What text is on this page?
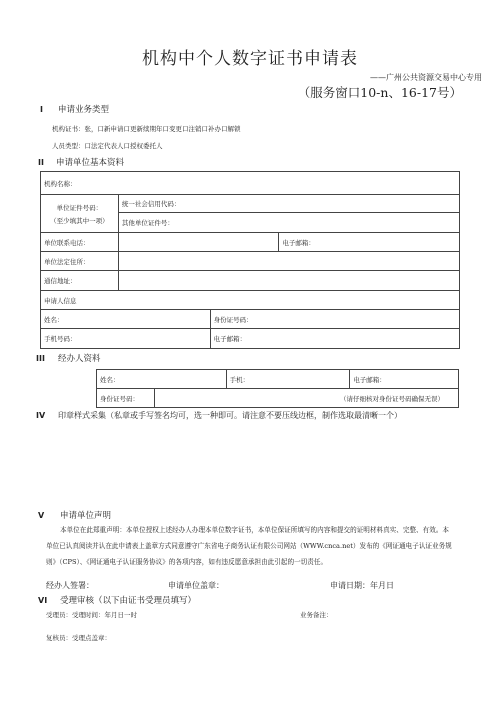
机构中个人数字证书申请表
——广州公共资源交易中心专用
（服务窗口10-n、16-17号）
I 申请业务类型
机构证书：张，口新申请口更新续期年口变更口注销口补办口解锁
人员类型：口法定代表人口授权委托人
II 申请单位基本资料
机构名称：			

单位证件号码：
（至少填其中一项）	统一社会信用代码：		
	其他单位证件号：		
单位联系电话：			电子邮箱：
单位法定住所：			
通信地址：			
申请人信息			
姓名：		身份证号码：	
手机号码：		电子邮箱：	
III 经办人资料
姓名：		手机：	电子邮箱：
身份证号码：	（请仔细核对身份证号码确保无误）		
IV 印章样式采集（私章或手写签名均可，选一种即可。请注意不要压线边框，制作选取最清晰一个）
V 申请单位声明
本单位在此郑重声明：本单位授权上述经办人办理本单位数字证书，本单位保证所填写的内容和提交的证明材料真实、完整、有效。本单位已认真阅读并认在此申请表上盖章方式同意遵守广东省电子商务认证有限公司网站（WWW.cnca.net）发布的《网证通电子认证业务规则》（CPS）、《网证通电子认证服务协议》的各项内容，如有违反愿意承担由此引起的一切责任。
经办人签署：	申请单位盖章：	申请日期：年月日
VI 受理审核（以下由证书受理员填写）
受理员：受理时间：年月日一时	业务备注：
复核员：受理点盖章：
